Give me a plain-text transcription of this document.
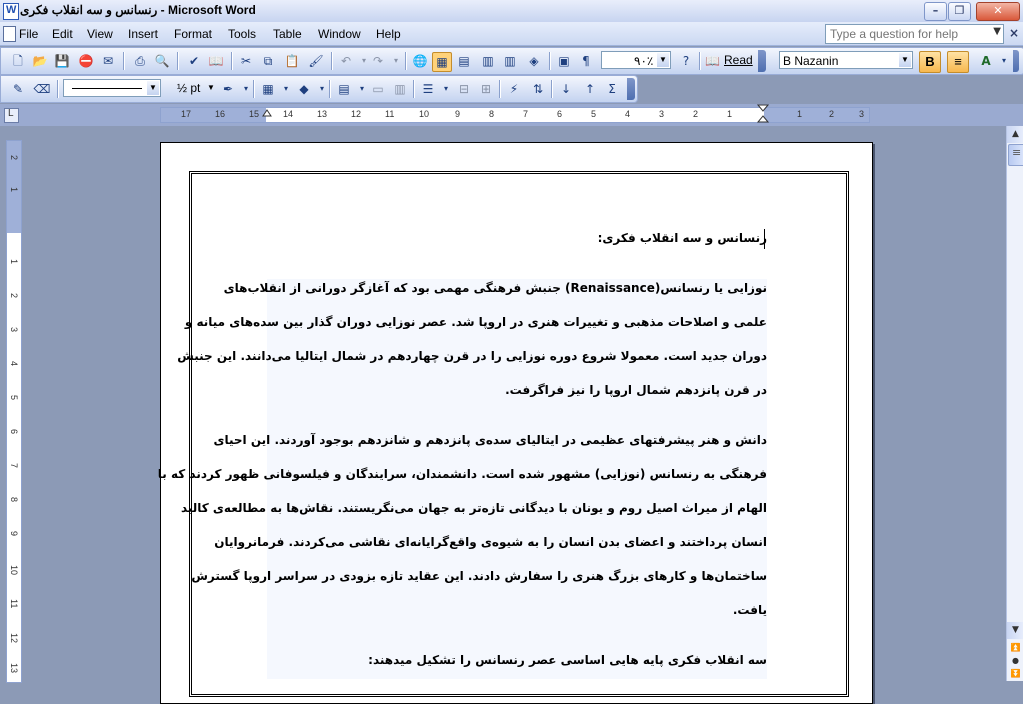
W
رنسانس و سه انقلاب فکری - Microsoft Word	–	❐	✕
File Edit View Insert Format Tools Table Window Help
Type a question for help	▼ ×
🗋 📂 💾 ⛔ ✉	⎙ 🔍	✔ 📖	✂	⧉	📋 🖌	↶	▾ ↷	▾	🌐 ▦ ▤ ▥ ▥	◈	▣	¶	۹۰٪ ▼	?	📖 Read	B Nazanin	▼	B	≡	A	▾
✎ ⌫	▼ ½ pt ▼ ✒	▾	▦	▾ ◆	▾	▤	▾ ▭ ▥	☰	▾ ⊟ ⊞	⚡	⇅	↓	↑	Σ
L
17	16	15	14	13	12	11	10	9	8	7	6	5	4	3	2	1	1	2	3
2
1
1
2
3
4
5
6
7
8
9
10
11
12
13
▲
≡
▼
⏫
●
⏬
رنسانس و سه انقلاب فکری:
نوزایی یا رنسانس(Renaissance) جنبش فرهنگی مهمی بود که آغازگر دورانی از انقلاب‌های
علمی و اصلاحات مذهبی و تغییرات هنری در اروپا شد. عصر نوزایی دوران گذار بین سده‌های میانه و
دوران جدید است. معمولا شروع دوره نوزایی را در قرن چهاردهم در شمال ایتالیا می‌دانند. این جنبش
در قرن پانزدهم شمال اروپا را نیز فراگرفت.
دانش و هنر پیشرفتهای عظیمی در ایتالیای سده‌ی پانزدهم و شانزدهم بوجود آوردند. این احیای
فرهنگی به رنسانس (نوزایی) مشهور شده است. دانشمندان، سرایندگان و فیلسوفانی ظهور کردند که با
الهام از میراث اصیل روم و یونان با دیدگانی تازه‌تر به جهان می‌نگریستند. نقاش‌ها به مطالعه‌ی کالبد
انسان پرداختند و اعضای بدن انسان را به شیوه‌ی واقع‌گرایانه‌ای نقاشی می‌کردند. فرمانروایان
ساختمان‌ها و کارهای بزرگ هنری را سفارش دادند. این عقاید تازه بزودی در سراسر اروپا گسترش
یافت.
سه انقلاب فکری پایه هایی اساسی عصر رنسانس را تشکیل میدهند:
